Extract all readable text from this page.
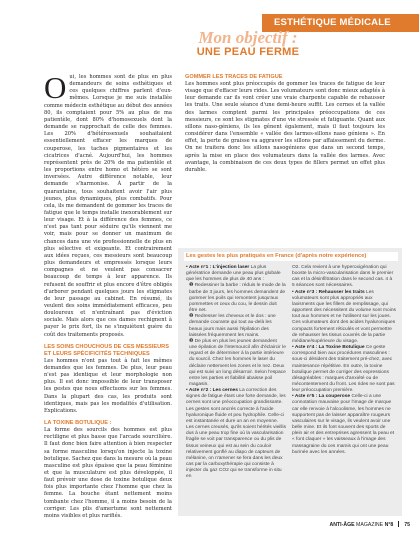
ESTHÉTIQUE MÉDICALE
Mon objectif :
UNE PEAU FERME

Oui, les hommes sont de plus en plus demandeurs de soins esthétiques et ces quelques chiffres parlent d'eux-mêmes. Lorsque je me suis installée comme médecin esthétique au début des années 80, ils comptaient pour 5% au plus de ma patientèle, dont 80% d'homosexuels dont la demande se rapprochait de celle des femmes. Les 20% d'hétérosexuels souhaitaient essentiellement effacer les marques de couperose, les taches pigmentaires et les cicatrices d'acné. Aujourd'hui, les hommes représentent près de 20% de ma patientèle et les proportions entre homo et hétéro se sont inversées. Autre différence notable, leur demande s'harmonise. À partir de la quarantaine, tous souhaitent avoir l'air plus jeunes, plus dynamiques, plus combatifs. Pour cela, ils me demandent de gommer les traces de fatigue que le temps installe inexorablement sur leur visage. Et à la différence des femmes, ce n'est pas tant pour séduire qu'ils viennent me voir, mais pour se donner un maximum de chances dans une vie professionnelle de plus en plus sélective et exigeante. Et contrairement aux idées reçues, ces messieurs sont beaucoup plus demandeurs et empressés lorsque leurs compagnes et ne veulent pas consacrer beaucoup de temps à leur apparence. Ils refusent de souffrir et plus encore d'être obligés d'arborer pendant quelques jours les stigmates de leur passage au cabinet. En résumé, ils veulent des soins immédiatement efficaces, peu douloureux et n'entraînant pas d'éviction sociale. Mais alors que ces dames rechignent à payer le prix fort, ils ne s'inquiètent guère du coût des traitements proposés.

LES SOINS CHOUCHOUS DE CES MESSIEURS ET LEURS SPÉCIFICITÉS TECHNIQUES

Les hommes n'ont pas tout à fait les mêmes demandes que les femmes. De plus, leur peau n'est pas identique et leur morphologie non plus. Il est donc impossible de leur transposer les gestes que nous effectuons sur les femmes. Dans la plupart des cas, les produits sont identiques, mais pas les modalités d'utilisation. Explications.

LA TOXINE BOTULIQUE :

La forme des sourcils des hommes est plus rectiligne et plus basse que l'arcade sourcilière. Il faut donc bien faire attention à bien respecter sa forme masculine lorsqu'on injecte la toxine botulique. Sachez que dans la mesure où la peau masculine est plus épaisse que la peau féminine et que la musculature est plus développée, il faut prévoir une dose de toxine botulique deux fois plus importante chez l'homme que chez la femme. La bouche étant nettement moins tombante chez l'homme, il a moins besoin de la corriger. Les plis d'amertume sont nettement moins visibles et plus rarifiés.

GOMMER LES TRACES DE FATIGUE

Les hommes sont plus préoccupés de gommer les traces de fatigue de leur visage que d'effacer leurs rides. Les volumateurs sont donc mieux adaptés à leur demande car ils vont créer une vraie charpente capable de rehausser les traits. Une seule séance d'une demi-heure suffit. Les cernes et la vallée des larmes comptent parmi les principales préoccupations de ces messieurs, ce sont les stigmates d'une vie stressée et fatiguante. Quant aux sillons naso-géniens, ils les gênent également, mais il faut toujours les considérer dans l'ensemble « vallée des larmes-sillons naso géniens ». En effet, la perte de graisse va aggraver les sillons par affaissement du derme. On ne traitera donc les sillons nasogéniens que dans un second temps, après la mise en place des volumateurs dans la vallée des larmes. Avec avantage, la combinaison de ces deux types de fillers permet un effet plus durable.

Les gestes les plus pratiqués en France (d'après notre expérience)

• Acte n°1 : L'injection laser La plus génératrice demande une peau plus globale que les hommes de plus de 40 ans :

❶ Redessiner la barbe : réduis le mode de la barbe de 3 jours, les hommes demandent de gommer les poils qui remontent jusqu'aux pommettes et ceux du cou, le dessin doit être net.

❷ Redresser les cheveux et le dos : une demande courante qui tout au-delà les beaux jours mais aussi l'épilation des laissées fréquemment les mains.

❸ De plus en plus les jeunes demandent une épilation de l'intersourcil afin d'éclaircir le regard et de déterminer à la partie intérieure du sourcil. Chez les hommes le laser du déclaire nettement les zones et le nez. Deux qui est suivi un long désarroir. Selon l'espace entre les parties et fiabilité abaisse poil magasin.

• Acte n°2 : Les cernes La correction des signes de fatigue étant une forte demande, les cernes sont une préoccupation grandissante. Les gestes sont ancrés correcte à l'acide hyaluronique fluide et peu hydrophile. Celle-ci est instantanée et dure un an en moyenne. Les cernes creusés, qu'ils soient hérités vieillis dus à une peau trop fine où la vascularisation fragile se voit par transparence ou du plis de tissus veineux qui est au sein du couloir relativement gonflé au diapo de capteurs de mélanine, on n'amener se fera dans les deux cas par la carboxythérapie qui consiste à injecter du gaz CO2 qui se transforme in situ en

O2. Cela revient à une hyperoxigénation qui booste la micro-vascularisation dans le premier cas et la désinfiltration dans le second cas. 4 à 5 séances sont nécessaires.

• Acte n°3 : Rehausser les traits Les volumateurs sont plus appropriés aux laxisments que les fillers de remplissage, qui apportent des nécessitent du volume sont moins tout aux hommes et ne l'utilisent sur les joues. Ces volumateurs dont des acides hyaluroniques compacts fortement réticulés et vont permettre de rehausser les tissus couvrés de la partie médiane/supérieure du visage.

• Acte n°4 : La Toxine Botulique Ce geste correspond bien aux procédures masculines : sous-ci désident des traitement pré-chez, avec maintenance répétitive. En outre, la toxine botulique permet de corriger des expressions désagréables : marques d'anxiété ou de mécontentement du front. Les rides ne sont pas leur préoccupation première.

• Acte n°5 : La couperose Celle-ci a une connotation mauvaise pour l'image de marque car elle renvoie à l'alcoolisme, les hommes ne supportent pas de laisser apparaître rougeurs vasculaires sur le visage, ils veulent avoir une belle mine. Et ils font souvent des sports de plein air et des entreprises agressent la peau et « font claquer » les vaisseaux à l'image des massagraine du ces mamis qui ont une peau burinée avec les années.

ANTI-ÂGE MAGAZINE N°8 75
